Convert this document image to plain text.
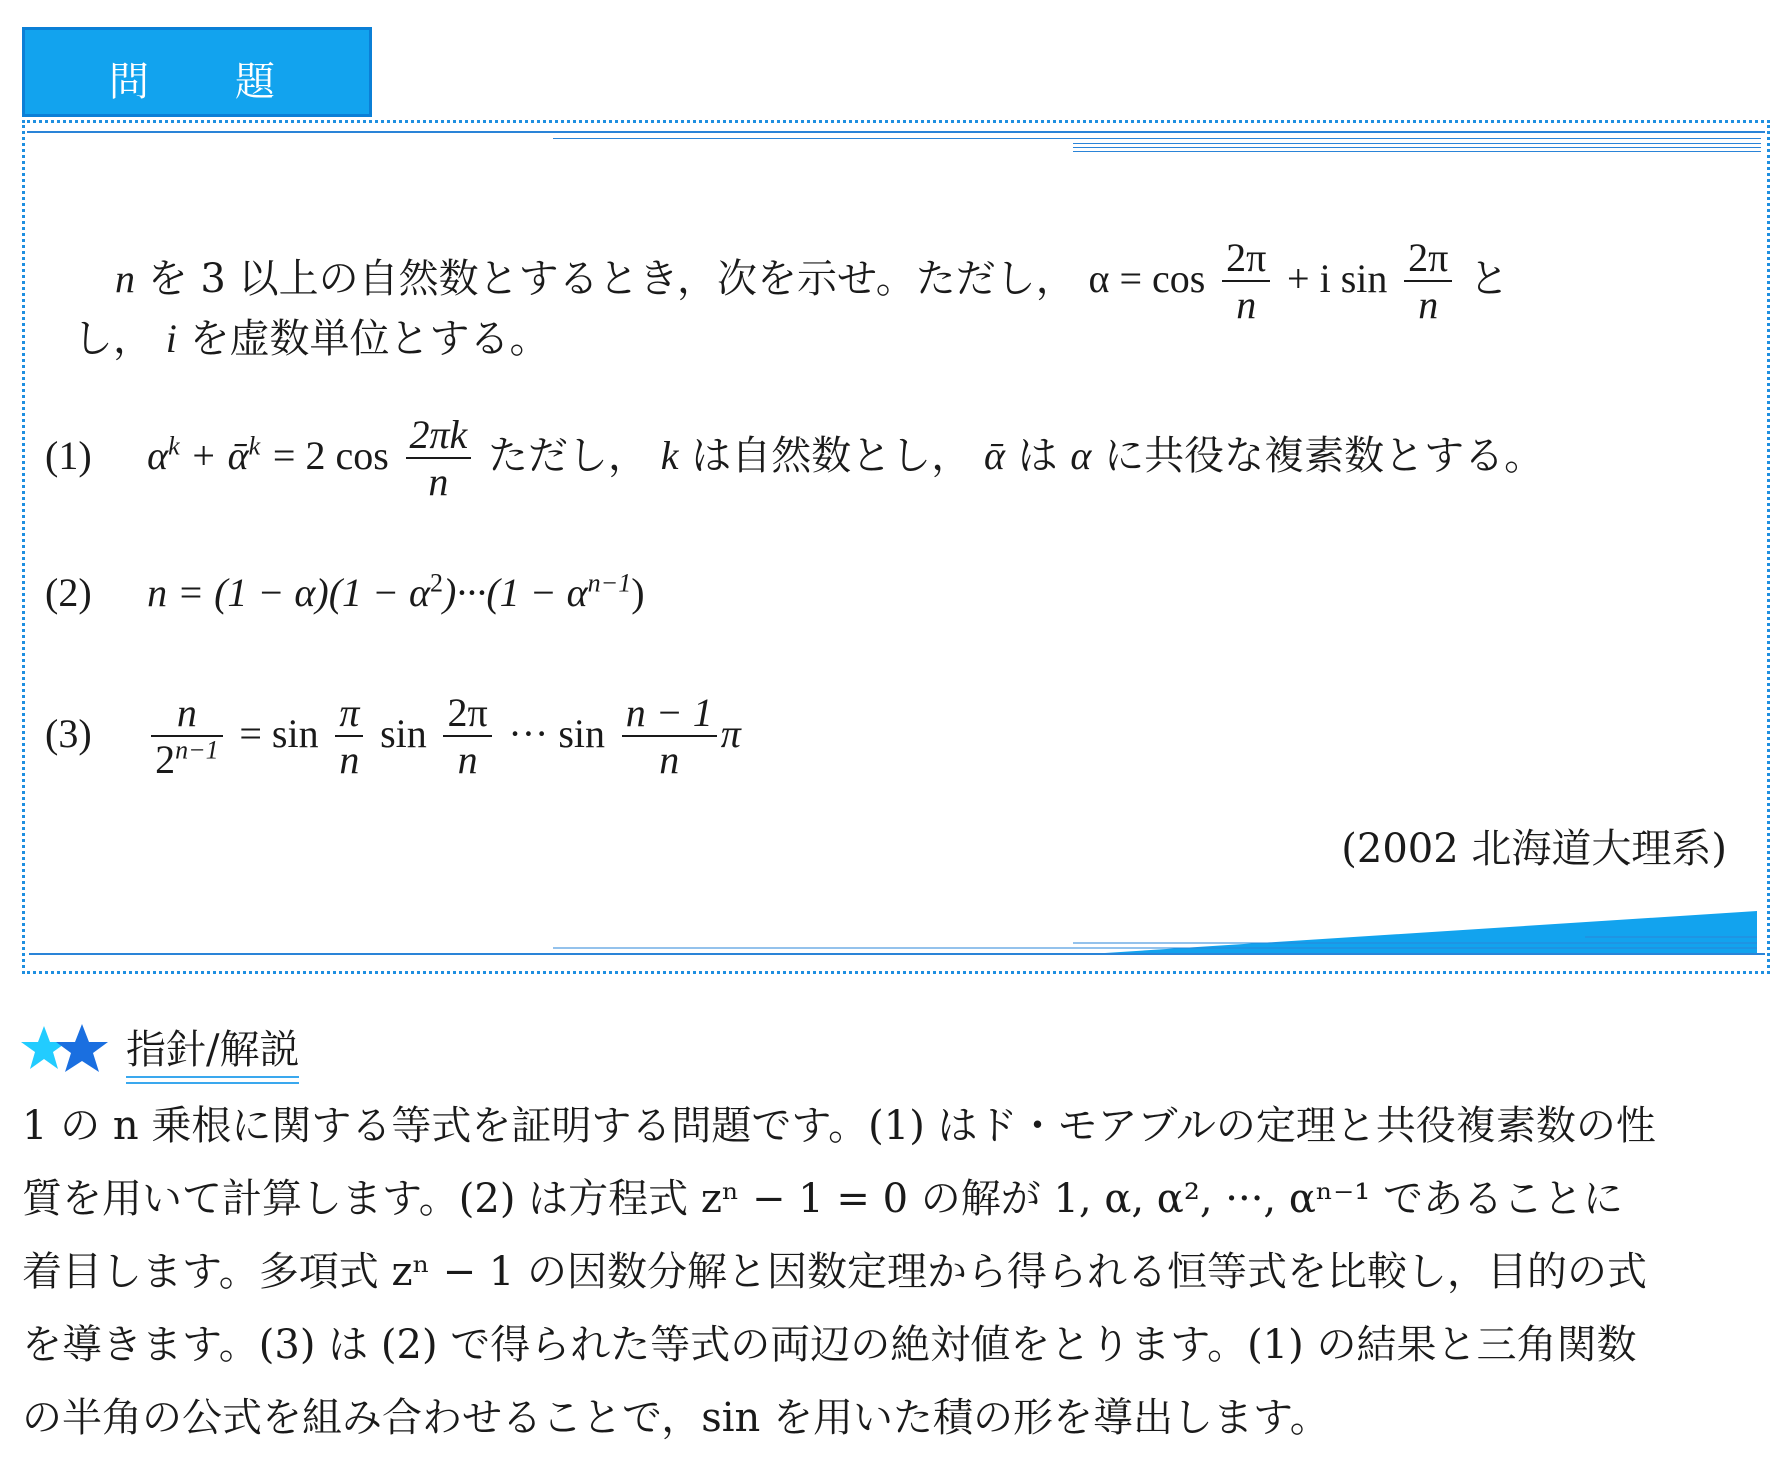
問 題
n を 3 以上の自然数とするとき，次を示せ。ただし， $\alpha = \cos \frac{2\pi}{n} + i$ $\sin \frac{2\pi}{n}$ と
し， i を虚数単位とする。
(1) $\alpha^k$ + ᾱ$^k$ = 2 $\cos \frac{2\pi k}{n}$ ただし， k は自然数とし， ᾱ は α に共役な複素数とする。
(2) $n = (1 - \alpha)(1 - \alpha^2)\cdot\cdot\cdot(1 - \alpha^{n-1})$
$(3) \frac{n}{2^{n-1}} = \sin \frac{\pi}{n}$ $\sin \frac{2\pi}{n}$ ··· $\sin \frac{n - 1}{n}$ π
(2002 北海道大理系)
指針/解説

1 の n 乗根に関する等式を証明する問題です。(1) はド・モアブルの定理と共役複素数の性

質を用いて計算します。(2) は方程式 zⁿ − 1 = 0 の解が 1, α, α², ···, αⁿ⁻¹ であることに

着目します。多項式 zⁿ − 1 の因数分解と因数定理から得られる恒等式を比較し，目的の式

を導きます。(3) は (2) で得られた等式の両辺の絶対値をとります。(1) の結果と三角関数

の半角の公式を組み合わせることで，sin を用いた積の形を導出します。
